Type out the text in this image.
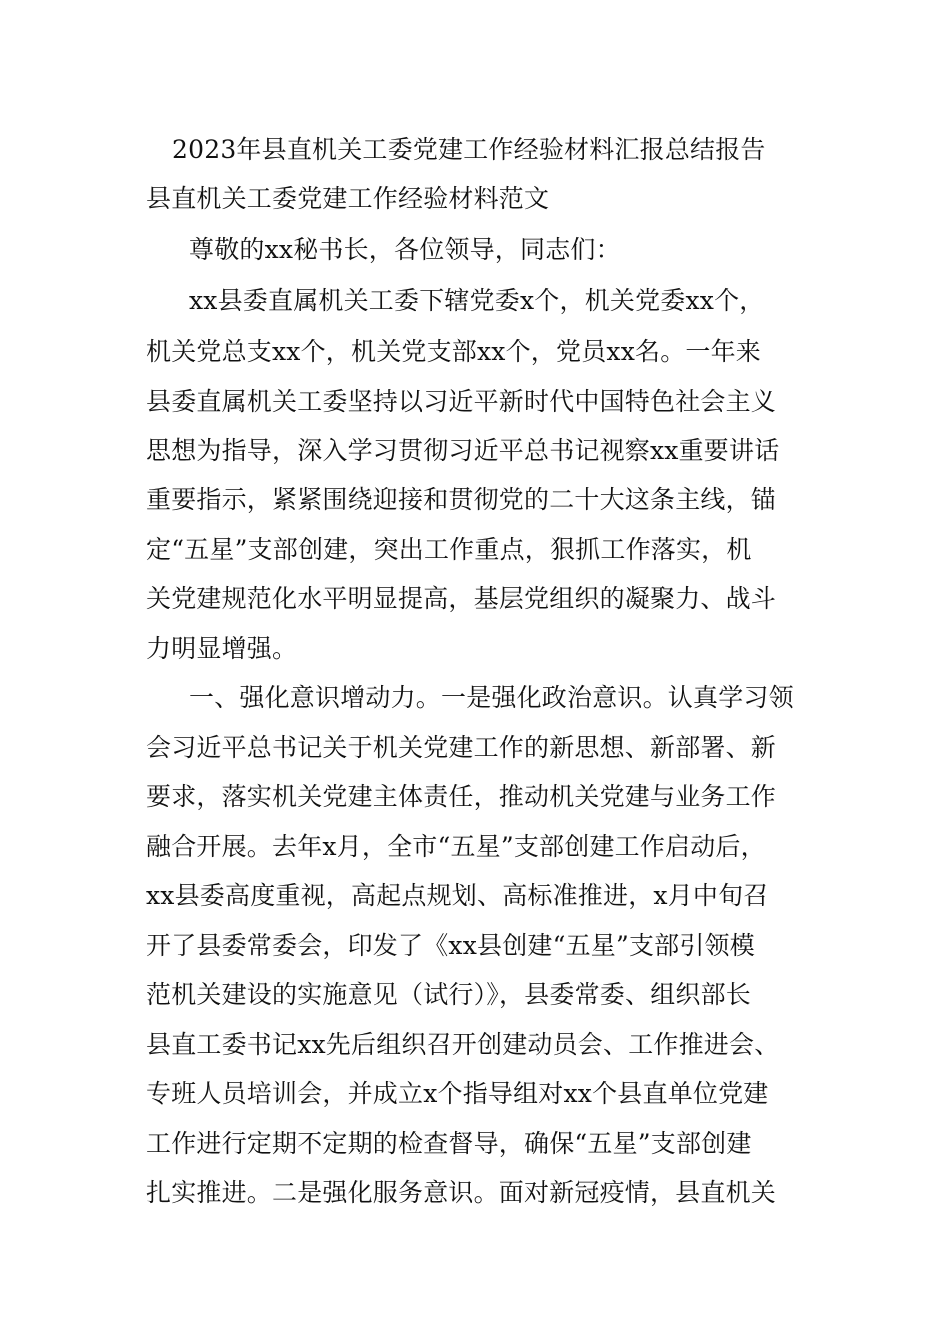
2023年县直机关工委党建工作经验材料汇报总结报告
县直机关工委党建工作经验材料范文
尊敬的xx秘书长，各位领导，同志们：
xx县委直属机关工委下辖党委x个，机关党委xx个，
机关党总支xx个，机关党支部xx个，党员xx名。一年来
县委直属机关工委坚持以习近平新时代中国特色社会主义
思想为指导，深入学习贯彻习近平总书记视察xx重要讲话
重要指示，紧紧围绕迎接和贯彻党的二十大这条主线，锚
定“五星”支部创建，突出工作重点，狠抓工作落实，机
关党建规范化水平明显提高，基层党组织的凝聚力、战斗
力明显增强。
一、强化意识增动力。一是强化政治意识。认真学习领
会习近平总书记关于机关党建工作的新思想、新部署、新
要求，落实机关党建主体责任，推动机关党建与业务工作
融合开展。去年x月，全市“五星”支部创建工作启动后，
xx县委高度重视，高起点规划、高标准推进，x月中旬召
开了县委常委会，印发了《xx县创建“五星”支部引领模
范机关建设的实施意见（试行）》，县委常委、组织部长
县直工委书记xx先后组织召开创建动员会、工作推进会、
专班人员培训会，并成立x个指导组对xx个县直单位党建
工作进行定期不定期的检查督导，确保“五星”支部创建
扎实推进。二是强化服务意识。面对新冠疫情，县直机关
